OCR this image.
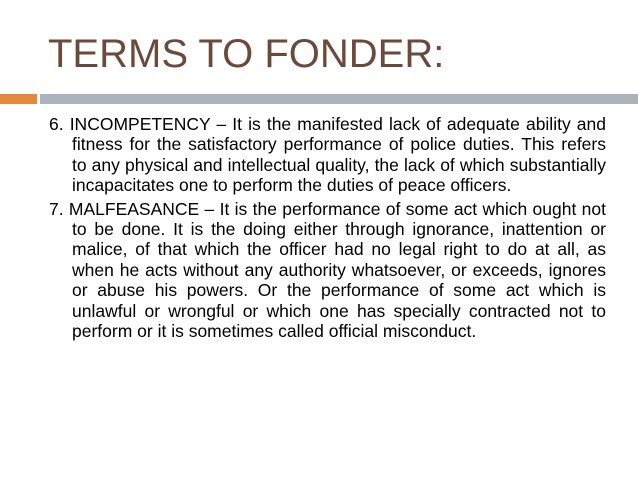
TERMS TO FONDER:

6. INCOMPETENCY – It is the manifested lack of adequate ability and fitness for the satisfactory performance of police duties. This refers to any physical and intellectual quality, the lack of which substantially incapacitates one to perform the duties of peace officers.

7. MALFEASANCE – It is the performance of some act which ought not to be done. It is the doing either through ignorance, inattention or malice, of that which the officer had no legal right to do at all, as when he acts without any authority whatsoever, or exceeds, ignores or abuse his powers. Or the performance of some act which is unlawful or wrongful or which one has specially contracted not to perform or it is sometimes called official misconduct.
